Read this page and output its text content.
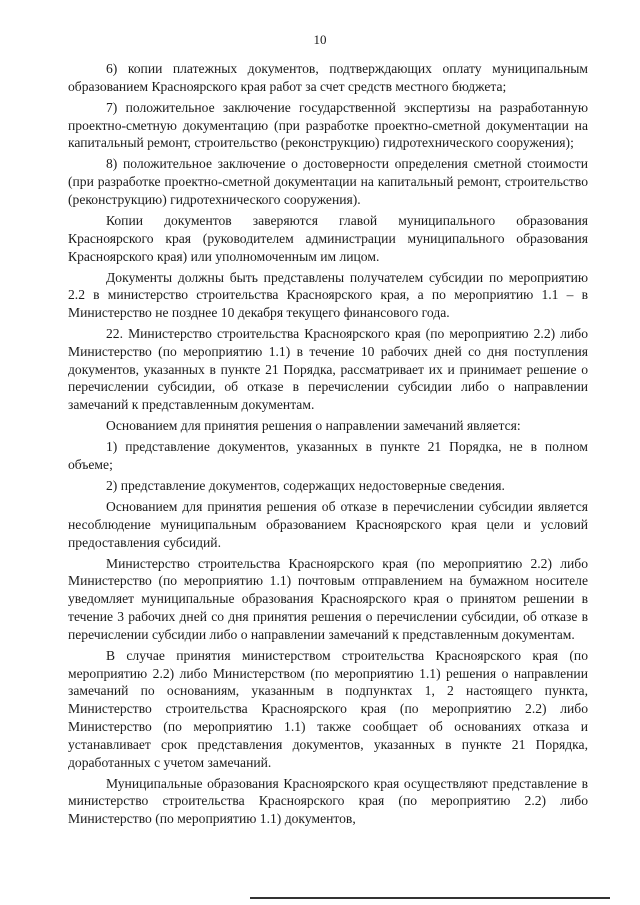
10

6) копии платежных документов, подтверждающих оплату муниципальным образованием Красноярского края работ за счет средств местного бюджета;

7) положительное заключение государственной экспертизы на разработанную проектно-сметную документацию (при разработке проектно-сметной документации на капитальный ремонт, строительство (реконструкцию) гидротехнического сооружения);

8) положительное заключение о достоверности определения сметной стоимости (при разработке проектно-сметной документации на капитальный ремонт, строительство (реконструкцию) гидротехнического сооружения).

Копии документов заверяются главой муниципального образования Красноярского края (руководителем администрации муниципального образования Красноярского края) или уполномоченным им лицом.

Документы должны быть представлены получателем субсидии по мероприятию 2.2 в министерство строительства Красноярского края, а по мероприятию 1.1 – в Министерство не позднее 10 декабря текущего финансового года.

22. Министерство строительства Красноярского края (по мероприятию 2.2) либо Министерство (по мероприятию 1.1) в течение 10 рабочих дней со дня поступления документов, указанных в пункте 21 Порядка, рассматривает их и принимает решение о перечислении субсидии, об отказе в перечислении субсидии либо о направлении замечаний к представленным документам.

Основанием для принятия решения о направлении замечаний является:

1) представление документов, указанных в пункте 21 Порядка, не в полном объеме;

2) представление документов, содержащих недостоверные сведения.

Основанием для принятия решения об отказе в перечислении субсидии является несоблюдение муниципальным образованием Красноярского края цели и условий предоставления субсидий.

Министерство строительства Красноярского края (по мероприятию 2.2) либо Министерство (по мероприятию 1.1) почтовым отправлением на бумажном носителе уведомляет муниципальные образования Красноярского края о принятом решении в течение 3 рабочих дней со дня принятия решения о перечислении субсидии, об отказе в перечислении субсидии либо о направлении замечаний к представленным документам.

В случае принятия министерством строительства Красноярского края (по мероприятию 2.2) либо Министерством (по мероприятию 1.1) решения о направлении замечаний по основаниям, указанным в подпунктах 1, 2 настоящего пункта, Министерство строительства Красноярского края (по мероприятию 2.2) либо Министерство (по мероприятию 1.1) также сообщает об основаниях отказа и устанавливает срок представления документов, указанных в пункте 21 Порядка, доработанных с учетом замечаний.

Муниципальные образования Красноярского края осуществляют представление в министерство строительства Красноярского края (по мероприятию 2.2) либо Министерство (по мероприятию 1.1) документов,
